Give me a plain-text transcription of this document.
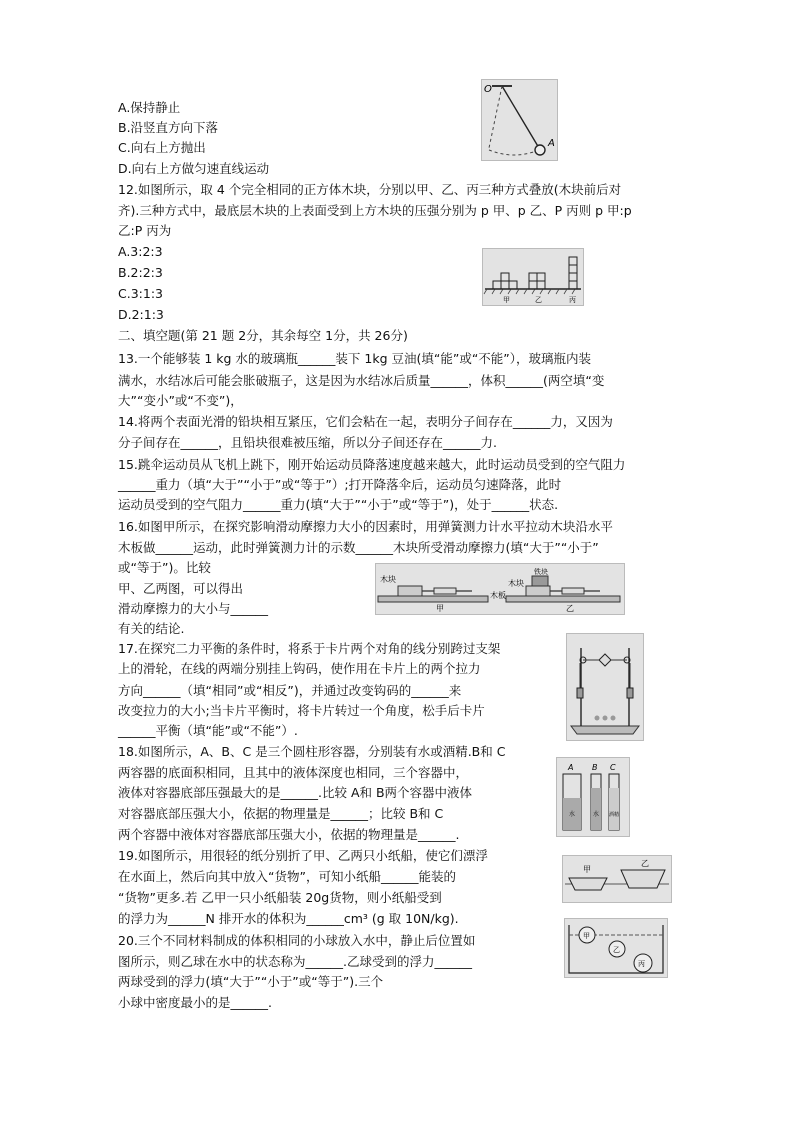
A.保持静止
B.沿竖直方向下落
C.向右上方抛出
D.向右上方做匀速直线运动
O
A
12.如图所示，取 4 个完全相同的正方体木块，分别以甲、乙、丙三种方式叠放(木块前后对
齐).三种方式中，最底层木块的上表面受到上方木块的压强分别为 p 甲、p 乙、P 丙则 p 甲:p
乙:P 丙为
A.3:2:3
B.2:2:3
C.3:1:3
D.2:1:3
甲	乙	丙
二、填空题(第 21 题 2分，其余每空 1分，共 26分)
13.一个能够装 1 kg 水的玻璃瓶______装下 1kg 豆油(填“能”或“不能”），玻璃瓶内装
满水，水结冰后可能会胀破瓶子，这是因为水结冰后质量______，体积______(两空填“变
大”“变小”或“不变”)，
14.将两个表面光滑的铅块相互紧压，它们会粘在一起，表明分子间存在______力，又因为
分子间存在______，且铅块很难被压缩，所以分子间还存在______力.
15.跳伞运动员从飞机上跳下，刚开始运动员降落速度越来越大，此时运动员受到的空气阻力
______重力（填“大于”“小于”或“等于”）;打开降落伞后，运动员匀速降落，此时
运动员受到的空气阻力______重力(填“大于”“小于”或“等于”)，处于______状态.
16.如图甲所示，在探究影响滑动摩擦力大小的因素时，用弹簧测力计水平拉动木块沿水平
木板做______运动，此时弹簧测力计的示数______木块所受滑动摩擦力(填“大于”“小于”
或“等于”)。比较
甲、乙两图，可以得出
滑动摩擦力的大小与______
有关的结论.
木块	木块
铁块
木板
甲	乙
17.在探究二力平衡的条件时，将系于卡片两个对角的线分别跨过支架
上的滑轮，在线的两端分别挂上钩码，使作用在卡片上的两个拉力
方向______（填“相同”或“相反”)，并通过改变钩码的______来
改变拉力的大小;当卡片平衡时，将卡片转过一个角度，松手后卡片
______平衡（填“能”或“不能”）.
18.如图所示，A、B、C 是三个圆柱形容器，分别装有水或酒精.B和 C
两容器的底面积相同，且其中的液体深度也相同，三个容器中，
液体对容器底部压强最大的是______.比较 A和 B两个容器中液体
对容器底部压强大小，依据的物理量是______；比较 B和 C
两个容器中液体对容器底部压强大小，依据的物理量是______.
A B C
水	水 酒精
19.如图所示，用很轻的纸分别折了甲、乙两只小纸船，使它们漂浮
在水面上，然后向其中放入“货物”，可知小纸船______能装的
“货物”更多.若 乙甲一只小纸船装 20g货物，则小纸船受到
的浮力为______N 排开水的体积为______cm³ (g 取 10N/kg).
甲
乙
20.三个不同材料制成的体积相同的小球放入水中，静止后位置如
图所示，则乙球在水中的状态称为______.乙球受到的浮力______
两球受到的浮力(填“大于”“小于”或“等于”).三个
小球中密度最小的是______.
甲
乙
丙
